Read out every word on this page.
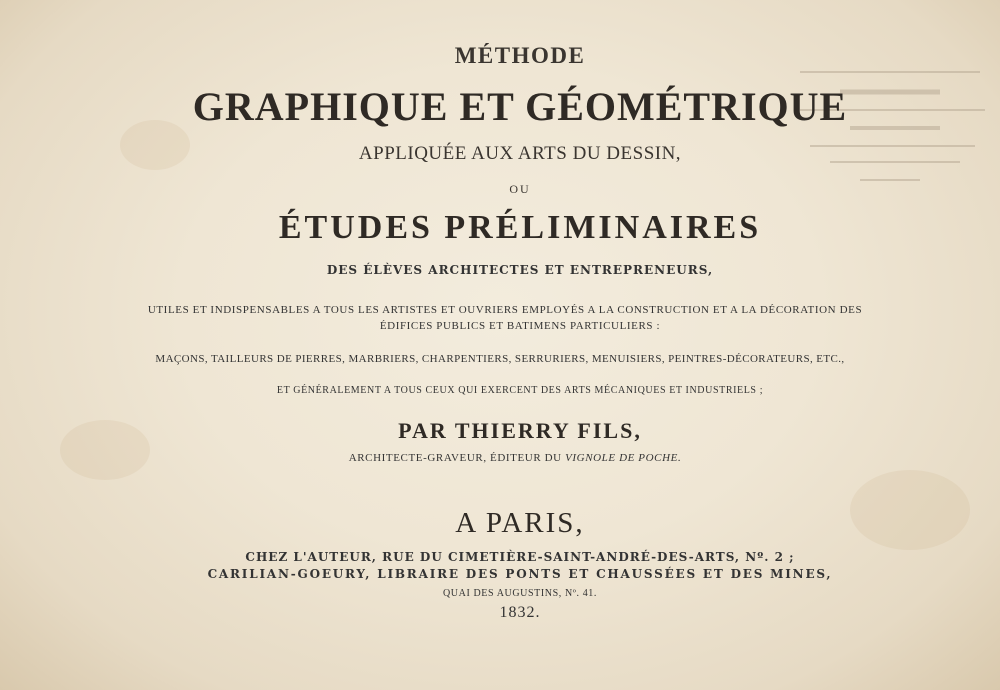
MÉTHODE
GRAPHIQUE ET GÉOMÉTRIQUE
APPLIQUÉE AUX ARTS DU DESSIN,
OU
ÉTUDES PRÉLIMINAIRES
DES ÉLÈVES ARCHITECTES ET ENTREPRENEURS,
UTILES ET INDISPENSABLES A TOUS LES ARTISTES ET OUVRIERS EMPLOYÉS A LA CONSTRUCTION ET A LA DÉCORATION DES
ÉDIFICES PUBLICS ET BATIMENS PARTICULIERS :
MAÇONS, TAILLEURS DE PIERRES, MARBRIERS, CHARPENTIERS, SERRURIERS, MENUISIERS, PEINTRES-DÉCORATEURS, ETC.,
ET GÉNÉRALEMENT A TOUS CEUX QUI EXERCENT DES ARTS MÉCANIQUES ET INDUSTRIELS ;
PAR THIERRY FILS,
ARCHITECTE-GRAVEUR, ÉDITEUR DU VIGNOLE DE POCHE.
A PARIS,
CHEZ L'AUTEUR, RUE DU CIMETIÈRE-SAINT-ANDRÉ-DES-ARTS, Nº. 2 ;
CARILIAN-GOEURY, LIBRAIRE DES PONTS ET CHAUSSÉES ET DES MINES,
QUAI DES AUGUSTINS, Nº. 41.
1832.
